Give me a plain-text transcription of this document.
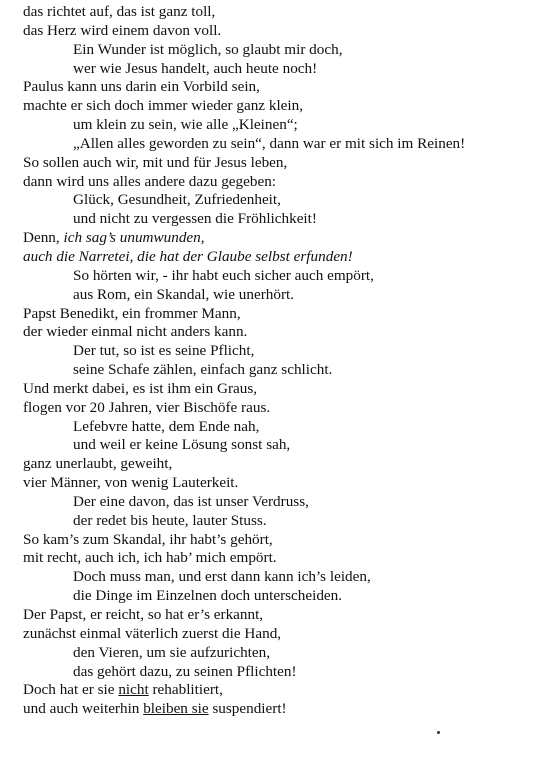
das richtet auf, das ist ganz toll,
das Herz wird einem davon voll.
Ein Wunder ist möglich, so glaubt mir doch,
wer wie Jesus handelt, auch heute noch!
Paulus kann uns darin ein Vorbild sein,
machte er sich doch immer wieder ganz klein,
um klein zu sein, wie alle „Kleinen“;
„Allen alles geworden zu sein“, dann war er mit sich im Reinen!
So sollen auch wir, mit und für Jesus leben,
dann wird uns alles andere dazu gegeben:
Glück, Gesundheit, Zufriedenheit,
und nicht zu vergessen die Fröhlichkeit!
Denn, ich sag’s unumwunden,
auch die Narretei, die hat der Glaube selbst erfunden!
So hörten wir, - ihr habt euch sicher auch empört,
aus Rom, ein Skandal, wie unerhört.
Papst Benedikt, ein frommer Mann,
der wieder einmal nicht anders kann.
Der tut, so ist es seine Pflicht,
seine Schafe zählen, einfach ganz schlicht.
Und merkt dabei, es ist ihm ein Graus,
flogen vor 20 Jahren, vier Bischöfe raus.
Lefebvre hatte, dem Ende nah,
und weil er keine Lösung sonst sah,
ganz unerlaubt, geweiht,
vier Männer, von wenig Lauterkeit.
Der eine davon, das ist unser Verdruss,
der redet bis heute, lauter Stuss.
So kam’s zum Skandal, ihr habt’s gehört,
mit recht, auch ich, ich hab’ mich empört.
Doch muss man, und erst dann kann ich’s leiden,
die Dinge im Einzelnen doch unterscheiden.
Der Papst, er reicht, so hat er’s erkannt,
zunächst einmal väterlich zuerst die Hand,
den Vieren, um sie aufzurichten,
das gehört dazu, zu seinen Pflichten!
Doch hat er sie nicht rehablitiert,
und auch weiterhin bleiben sie suspendiert!
